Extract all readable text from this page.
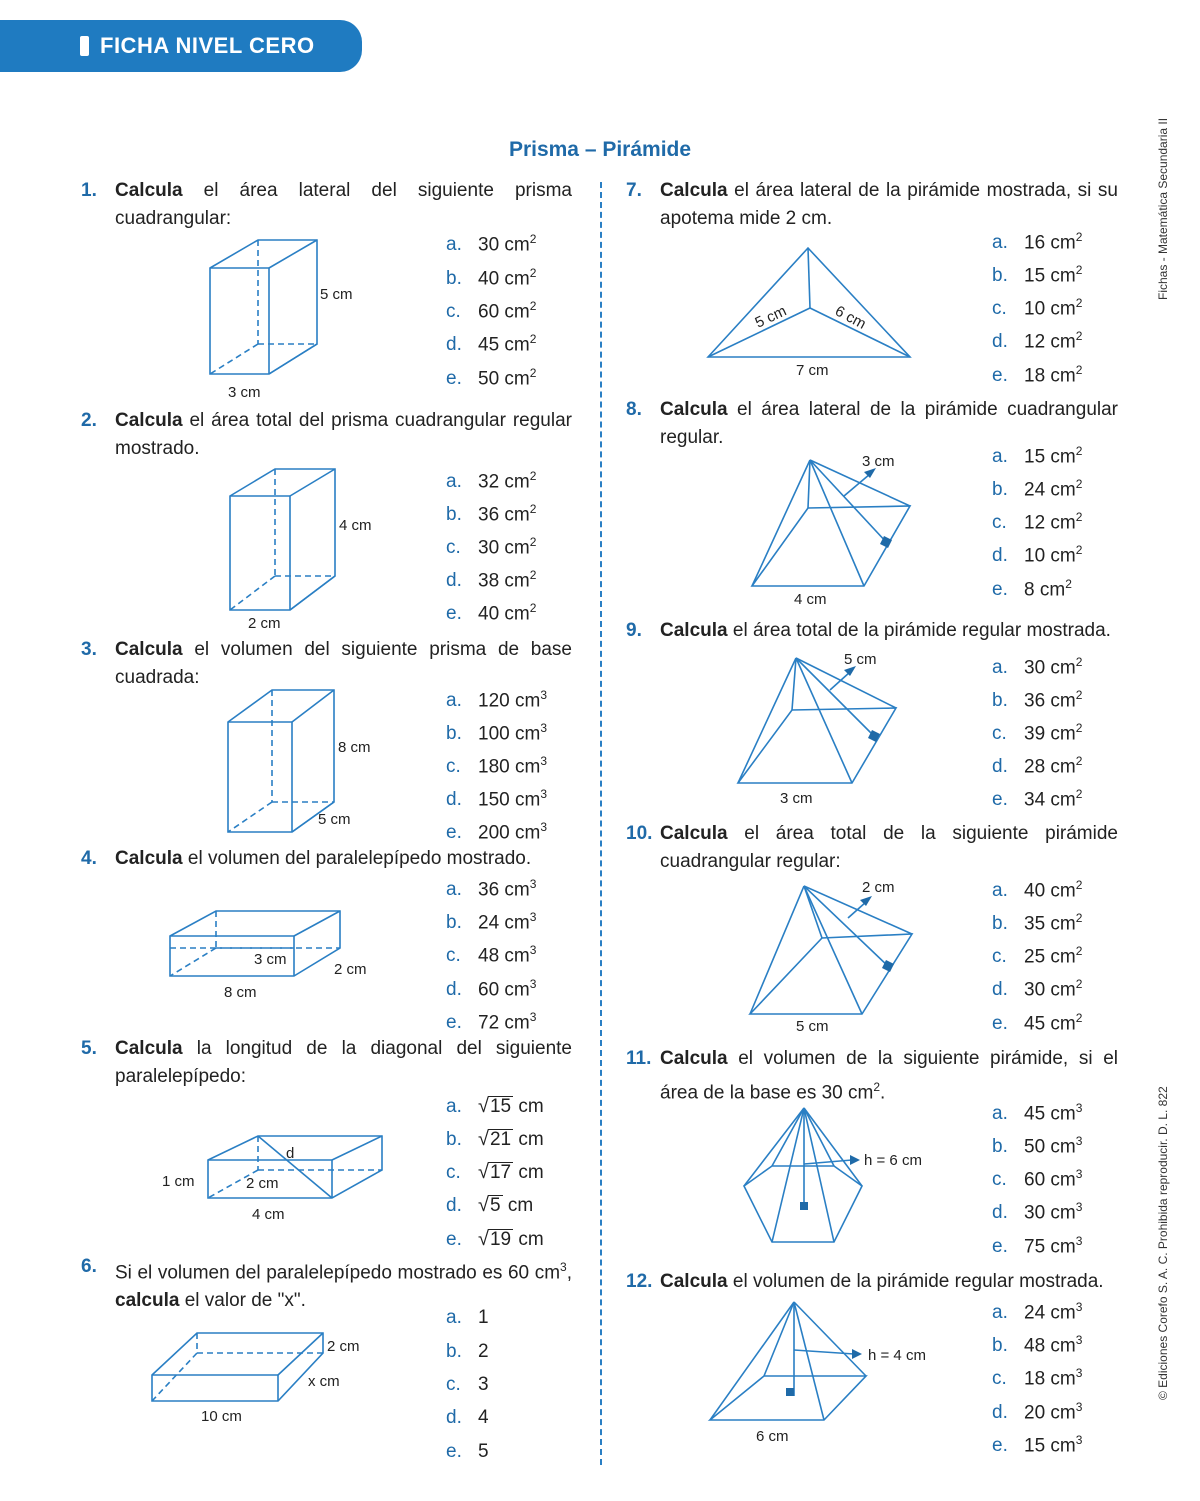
FICHA NIVEL CERO
Fichas - Matemática Secundaria II
© Ediciones Corefo S. A. C. Prohibida reproducir. D. L. 822
Prisma – Pirámide
1. Calcula el área lateral del siguiente prisma cuadrangular:
5 cm
3 cm
a. 30 $cm^2$
b. 40 $cm^2$
c. 60 $cm^2$
d. 45 $cm^2$
e. 50 $cm^2$
2. Calcula el área total del prisma cuadrangular regular mostrado.
4 cm
2 cm
a. 32 $cm^2$
b. 36 $cm^2$
c. 30 $cm^2$
d. 38 $cm^2$
e. 40 $cm^2$
3. Calcula el volumen del siguiente prisma de base cuadrada:
8 cm
5 cm
a. 120 $cm^3$
b. 100 $cm^3$
c. 180 $cm^3$
d. 150 $cm^3$
e. 200 $cm^3$
4. Calcula el volumen del paralelepípedo mostrado.
3 cm
2 cm
8 cm
a. 36 $cm^3$
b. 24 $cm^3$
c. 48 $cm^3$
d. 60 $cm^3$
e. 72 $cm^3$
5. Calcula la longitud de la diagonal del siguiente paralelepípedo:
d
1 cm	2 cm
4 cm
a. √15 cm
b. √21 cm
c. √17 cm
d. √5 cm
e. √19 cm
6. Si el volumen del paralelepípedo mostrado es 60 $cm^3$, calcula el valor de "x".
2 cm
x cm
10 cm
a. 1
b. 2
c. 3
d. 4
e. 5
7. Calcula el área lateral de la pirámide mostrada, si su apotema mide 2 cm.
5 cm	6 cm
7 cm
a. 16 $cm^2$
b. 15 $cm^2$
c. 10 $cm^2$
d. 12 $cm^2$
e. 18 $cm^2$
8. Calcula el área lateral de la pirámide cuadrangular regular.
3 cm
4 cm
a. 15 $cm^2$
b. 24 $cm^2$
c. 12 $cm^2$
d. 10 $cm^2$
e. 8 $cm^2$
9. Calcula el área total de la pirámide regular mostrada.
5 cm
3 cm
a. 30 $cm^2$
b. 36 $cm^2$
c. 39 $cm^2$
d. 28 $cm^2$
e. 34 $cm^2$
10. Calcula el área total de la siguiente pirámide cuadrangular regular:
2 cm
5 cm
a. 40 $cm^2$
b. 35 $cm^2$
c. 25 $cm^2$
d. 30 $cm^2$
e. 45 $cm^2$
11. Calcula el volumen de la siguiente pirámide, si el área de la base es 30 $cm^2$.
h = 6 cm
a. 45 $cm^3$
b. 50 $cm^3$
c. 60 $cm^3$
d. 30 $cm^3$
e. 75 $cm^3$
12. Calcula el volumen de la pirámide regular mostrada.
h = 4 cm
6 cm
a. 24 $cm^3$
b. 48 $cm^3$
c. 18 $cm^3$
d. 20 $cm^3$
e. 15 $cm^3$
